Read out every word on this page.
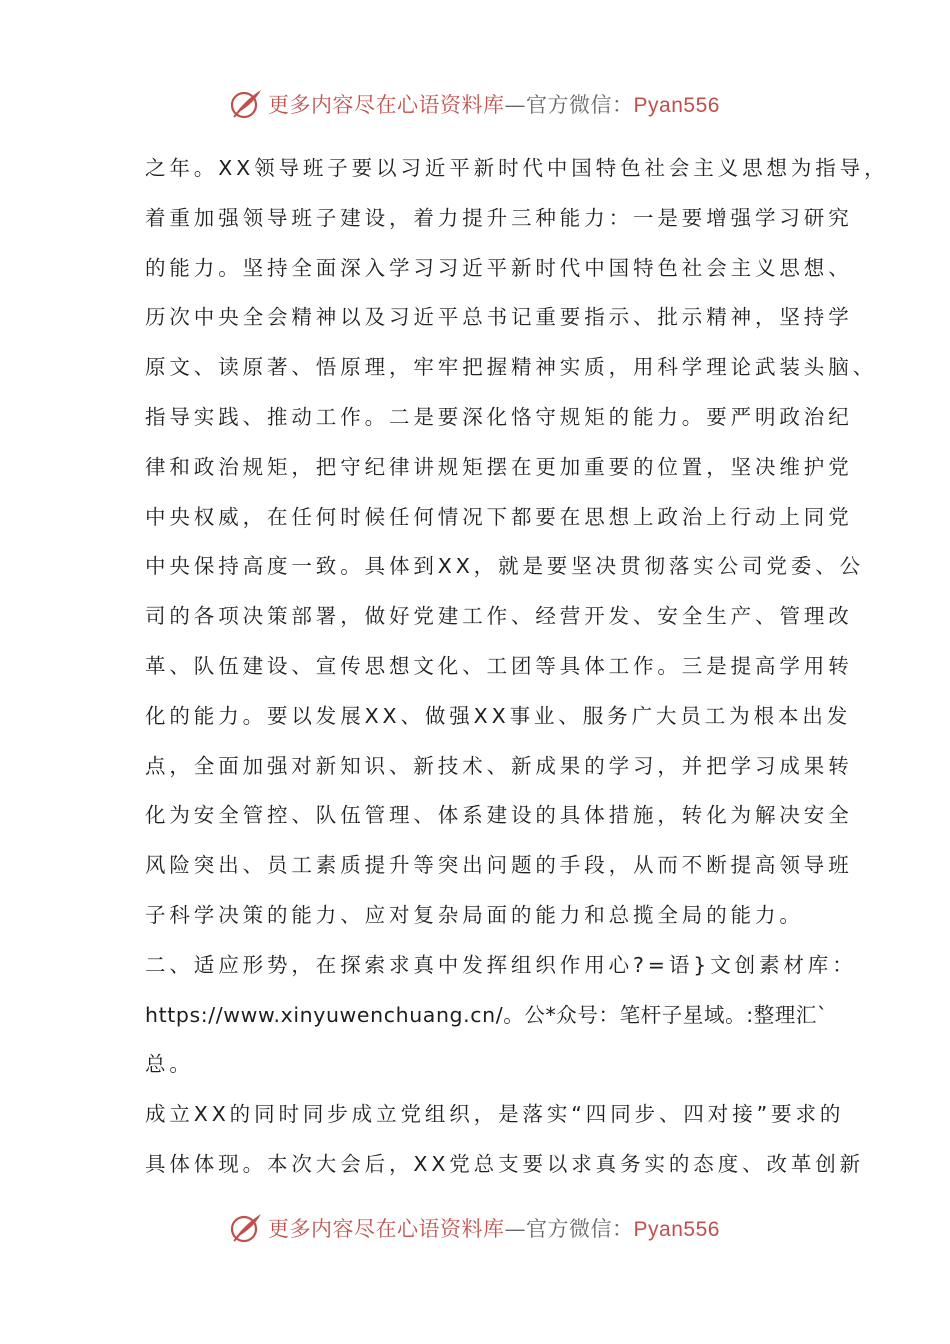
更多内容尽在心语资料库—官方微信：Pyan556
之年。XX领导班子要以习近平新时代中国特色社会主义思想为指导，
着重加强领导班子建设，着力提升三种能力：一是要增强学习研究
的能力。坚持全面深入学习习近平新时代中国特色社会主义思想、
历次中央全会精神以及习近平总书记重要指示、批示精神，坚持学
原文、读原著、悟原理，牢牢把握精神实质，用科学理论武装头脑、
指导实践、推动工作。二是要深化恪守规矩的能力。要严明政治纪
律和政治规矩，把守纪律讲规矩摆在更加重要的位置，坚决维护党
中央权威，在任何时候任何情况下都要在思想上政治上行动上同党
中央保持高度一致。具体到XX，就是要坚决贯彻落实公司党委、公
司的各项决策部署，做好党建工作、经营开发、安全生产、管理改
革、队伍建设、宣传思想文化、工团等具体工作。三是提高学用转
化的能力。要以发展XX、做强XX事业、服务广大员工为根本出发
点，全面加强对新知识、新技术、新成果的学习，并把学习成果转
化为安全管控、队伍管理、体系建设的具体措施，转化为解决安全
风险突出、员工素质提升等突出问题的手段，从而不断提高领导班
子科学决策的能力、应对复杂局面的能力和总揽全局的能力。
二、适应形势，在探索求真中发挥组织作用心?=语}文创素材库：
https://www.xinyuwenchuang.cn/。公*众号：笔杆子星域。:整理汇`
总。
成立XX的同时同步成立党组织，是落实“四同步、四对接”要求的
具体体现。本次大会后，XX党总支要以求真务实的态度、改革创新
更多内容尽在心语资料库—官方微信：Pyan556
